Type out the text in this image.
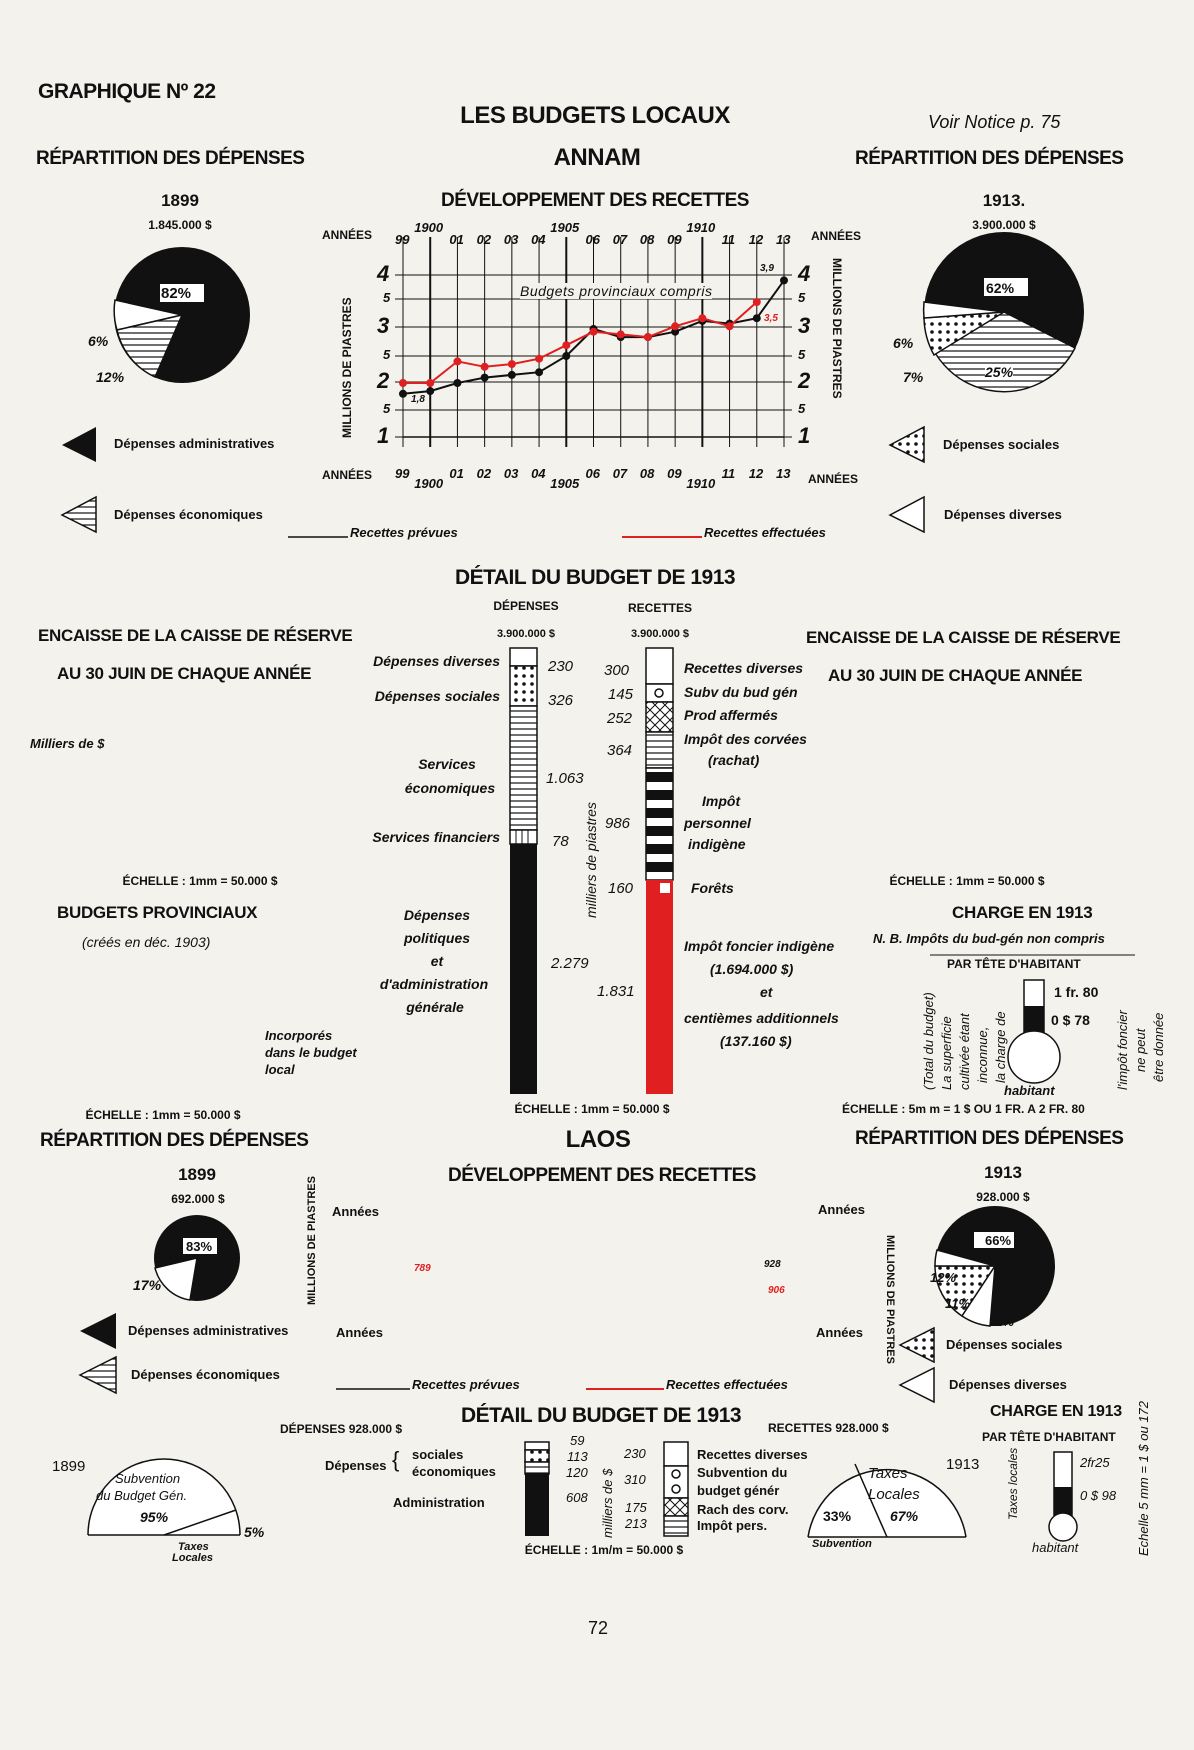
GRAPHIQUE Nº 22
LES BUDGETS LOCAUX	Voir Notice p. 75
ANNAM
RÉPARTITION DES DÉPENSES
1899
1.845.000 $
82%
6%
12%
Dépenses administratives
Dépenses économiques
Dépenses sociales
Dépenses diverses
Recettes prévues	Recettes effectuées
RÉPARTITION DES DÉPENSES
1913.
3.900.000 $
62%
6%
7%	25%
DÉVELOPPEMENT DES RECETTES
ANNÉES	ANNÉES
ANNÉES	ANNÉES
MILLIONS DE PIASTRES	MILLIONS DE PIASTRES
Budgets provinciaux compris
1,8
3,9
3,5
4	4
5	5
3	3
5	5
2	2
5	5
1	1
99
99
1900
1900
01
01
02
02
03
03
04
04
1905
1905
06
06
07
07
08
08
09
09
1910
1910
11
11
12
12
13
13
DÉTAIL DU BUDGET DE 1913
DÉPENSES	RECETTES
3.900.000 $	3.900.000 $
Dépenses diverses
Dépenses sociales
Services
économiques
Services financiers
Dépenses
politiques
et
d'administration
générale
230
326
1.063
78
2.279
300
145
252
364
986
160
1.831
milliers de piastres
Recettes diverses
Subv du bud gén
Prod affermés
Impôt des corvées
(rachat)
Impôt
personnel
indigène
Forêts
Impôt foncier indigène
(1.694.000 $)
et
centièmes additionnels
(137.160 $)
ÉCHELLE : 1mm = 50.000 $
ENCAISSE DE LA CAISSE DE RÉSERVE
AU 30 JUIN DE CHAQUE ANNÉE
Milliers de $
ÉCHELLE : 1mm = 50.000 $
ENCAISSE DE LA CAISSE DE RÉSERVE
AU 30 JUIN DE CHAQUE ANNÉE
ÉCHELLE : 1mm = 50.000 $
BUDGETS PROVINCIAUX
(créés en déc. 1903)
Incorporés
dans le budget
local
ÉCHELLE : 1mm = 50.000 $
CHARGE EN 1913
N. B. Impôts du bud-gén non compris
PAR TÊTE D'HABITANT
1 fr. 80
0 $ 78
habitant
(Total du budget) La superficie cultivée étant inconnue, la charge de	l'impôt foncier ne peut être donnée
ÉCHELLE : 5m m = 1 $ OU 1 FR. A 2 FR. 80
RÉPARTITION DES DÉPENSES
1899
692.000 $
83%
17%
Dépenses administratives
Dépenses économiques
LAOS
DÉVELOPPEMENT DES RECETTES
Années	Années
Années	Années
MILLIONS DE PIASTRES	MILLIONS DE PIASTRES
789	928
906
Recettes prévues	Recettes effectuées
RÉPARTITION DES DÉPENSES
1913
928.000 $
66%
12%
11%
11%
Dépenses sociales
Dépenses diverses
DÉTAIL DU BUDGET DE 1913
DÉPENSES 928.000 $	RECETTES 928.000 $
Dépenses { sociales
économiques
Administration
59
113
120
608 milliers de $
230
310
175
213
Recettes diverses
Subvention du
budget génér
Rach des corv.
Impôt pers.
ÉCHELLE : 1m/m = 50.000 $
1899
Subvention
du Budget Gén.
95%
5%
Taxes
Locales
1913
Taxes
Locales
33%	67%
Subvention
CHARGE EN 1913
PAR TÊTE D'HABITANT
2fr25
0 $ 98
habitant
Taxes locales	Echelle 5 mm = 1 $ ou 172
72
